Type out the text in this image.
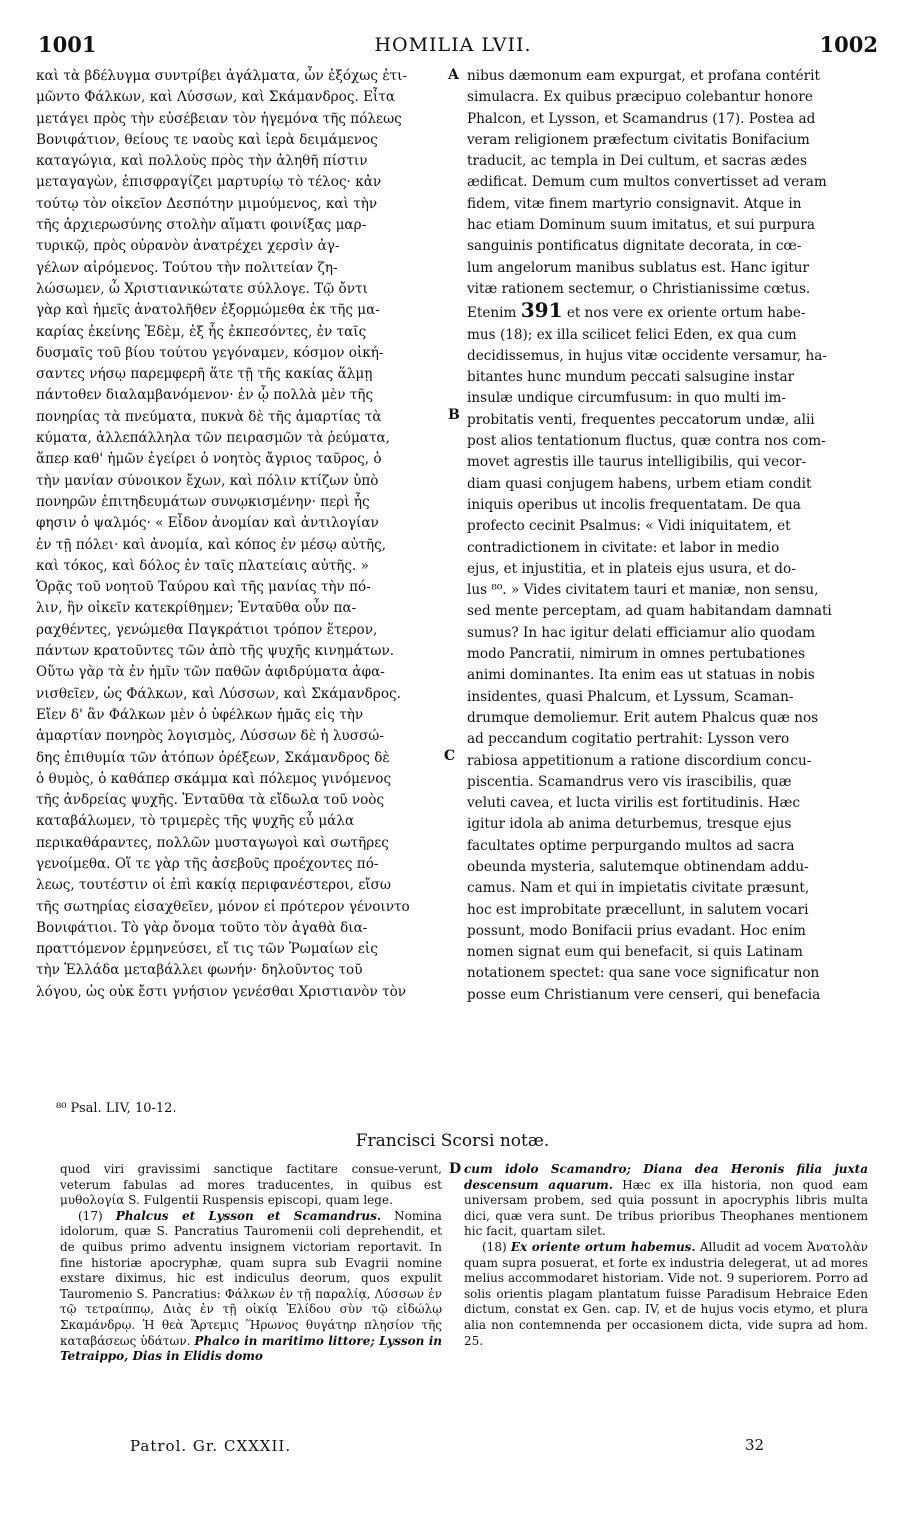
1001	HOMILIA LVII.	1002
A
B
C
D

καὶ τὰ βδέλυγμα συντρίβει ἀγάλματα, ὧν ἐξόχως ἐτι-

μῶντο Φάλκων, καὶ Λύσσων, καὶ Σκάμανδρος. Εἶτα

μετάγει πρὸς τὴν εὐσέβειαν τὸν ἡγεμόνα τῆς πόλεως

Βονιφάτιον, θείους τε ναοὺς καὶ ἱερὰ δειμάμενος

καταγώγια, καὶ πολλοὺς πρὸς τὴν ἀληθῆ πίστιν

μεταγαγὼν, ἐπισφραγίζει μαρτυρίῳ τὸ τέλος· κἀν

τούτῳ τὸν οἰκεῖον Δεσπότην μιμούμενος, καὶ τὴν

τῆς ἀρχιερωσύνης στολὴν αἵματι φοινίξας μαρ-

τυρικῷ, πρὸς οὐρανὸν ἀνατρέχει χερσὶν ἀγ-

γέλων αἰρόμενος. Τούτου τὴν πολιτείαν ζη-

λώσωμεν, ὦ Χριστιανικώτατε σύλλογε. Τῷ ὄντι

γὰρ καὶ ἡμεῖς ἀνατολῆθεν ἐξορμώμεθα ἐκ τῆς μα-

καρίας ἐκείνης Ἐδὲμ, ἐξ ἧς ἐκπεσόντες, ἐν ταῖς

δυσμαῖς τοῦ βίου τούτου γεγόναμεν, κόσμον οἰκή-

σαντες νήσῳ παρεμφερῆ ἅτε τῇ τῆς κακίας ἅλμῃ

πάντοθεν διαλαμβανόμενον· ἐν ᾧ πολλὰ μὲν τῆς

πονηρίας τὰ πνεύματα, πυκνὰ δὲ τῆς ἁμαρτίας τὰ

κύματα, ἀλλεπάλληλα τῶν πειρασμῶν τὰ ῥεύματα,

ἅπερ καθ' ἡμῶν ἐγείρει ὁ νοητὸς ἄγριος ταῦρος, ὁ

τὴν μανίαν σύνοικον ἔχων, καὶ πόλιν κτίζων ὑπὸ

πονηρῶν ἐπιτηδευμάτων συνῳκισμένην· περὶ ἧς

φησιν ὁ ψαλμός· « Εἶδον ἀνομίαν καὶ ἀντιλογίαν

ἐν τῇ πόλει· καὶ ἀνομία, καὶ κόπος ἐν μέσῳ αὐτῆς,

καὶ τόκος, καὶ δόλος ἐν ταῖς πλατείαις αὐτῆς. »

Ὁρᾷς τοῦ νοητοῦ Ταύρου καὶ τῆς μανίας τὴν πό-

λιν, ἣν οἰκεῖν κατεκρίθημεν; Ἐνταῦθα οὖν πα-

ραχθέντες, γενώμεθα Παγκράτιοι τρόπον ἕτερον,

πάντων κρατοῦντες τῶν ἀπὸ τῆς ψυχῆς κινημάτων.

Οὕτω γὰρ τὰ ἐν ἡμῖν τῶν παθῶν ἀφιδρύματα ἀφα-

νισθεῖεν, ὡς Φάλκων, καὶ Λύσσων, καὶ Σκάμανδρος.

Εἴεν δ' ἂν Φάλκων μὲν ὁ ὑφέλκων ἡμᾶς εἰς τὴν

ἁμαρτίαν πονηρὸς λογισμὸς, Λύσσων δὲ ἡ λυσσώ-

δης ἐπιθυμία τῶν ἀτόπων ὀρέξεων, Σκάμανδρος δὲ

ὁ θυμὸς, ὁ καθάπερ σκάμμα καὶ πόλεμος γινόμενος

τῆς ἀνδρείας ψυχῆς. Ἐνταῦθα τὰ εἴδωλα τοῦ νοὸς

καταβάλωμεν, τὸ τριμερὲς τῆς ψυχῆς εὖ μάλα

περικαθάραντες, πολλῶν μυσταγωγοὶ καὶ σωτῆρες

γενοίμεθα. Οἵ τε γὰρ τῆς ἀσεβοῦς προέχοντες πό-

λεως, τουτέστιν οἱ ἐπὶ κακίᾳ περιφανέστεροι, εἴσω

τῆς σωτηρίας εἰσαχθεῖεν, μόνον εἰ πρότερον γένοιντο

Βονιφάτιοι. Τὸ γὰρ ὄνομα τοῦτο τὸν ἀγαθὰ δια-

πραττόμενον ἑρμηνεύσει, εἴ τις τῶν Ῥωμαίων εἰς

τὴν Ἑλλάδα μεταβάλλει φωνήν· δηλοῦντος τοῦ

λόγου, ὡς οὐκ ἔστι γνήσιον γενέσθαι Χριστιανὸν τὸν

nibus dæmonum eam expurgat, et profana contérit

simulacra. Ex quibus præcipuo colebantur honore

Phalcon, et Lysson, et Scamandrus (17). Postea ad

veram religionem præfectum civitatis Bonifacium

traducit, ac templa in Dei cultum, et sacras ædes

ædificat. Demum cum multos convertisset ad veram

fidem, vitæ finem martyrio consignavit. Atque in

hac etiam Dominum suum imitatus, et sui purpura

sanguinis pontificatus dignitate decorata, in cœ-

lum angelorum manibus sublatus est. Hanc igitur

vitæ rationem sectemur, o Christianissime cœtus.

Etenim 391 et nos vere ex oriente ortum habe-

mus (18); ex illa scilicet felici Eden, ex qua cum

decidissemus, in hujus vitæ occidente versamur, ha-

bitantes hunc mundum peccati salsugine instar

insulæ undique circumfusum: in quo multi im-

probitatis venti, frequentes peccatorum undæ, alii

post alios tentationum fluctus, quæ contra nos com-

movet agrestis ille taurus intelligibilis, qui vecor-

diam quasi conjugem habens, urbem etiam condit

iniquis operibus ut incolis frequentatam. De qua

profecto cecinit Psalmus: « Vidi iniquitatem, et

contradictionem in civitate: et labor in medio

ejus, et injustitia, et in plateis ejus usura, et do-

lus ⁸⁰. » Vides civitatem tauri et maniæ, non sensu,

sed mente perceptam, ad quam habitandam damnati

sumus? In hac igitur delati efficiamur alio quodam

modo Pancratii, nimirum in omnes pertubationes

animi dominantes. Ita enim eas ut statuas in nobis

insidentes, quasi Phalcum, et Lyssum, Scaman-

drumque demoliemur. Erit autem Phalcus quæ nos

ad peccandum cogitatio pertrahit: Lysson vero

rabiosa appetitionum a ratione discordium concu-

piscentia. Scamandrus vero vis irascibilis, quæ

veluti cavea, et lucta virilis est fortitudinis. Hæc

igitur idola ab anima deturbemus, tresque ejus

facultates optime perpurgando multos ad sacra

obeunda mysteria, salutemque obtinendam addu-

camus. Nam et qui in impietatis civitate præsunt,

hoc est improbitate præcellunt, in salutem vocari

possunt, modo Bonifacii prius evadant. Hoc enim

nomen signat eum qui benefacit, si quis Latinam

notationem spectet: qua sane voce significatur non

posse eum Christianum vere censeri, qui benefacia

⁸⁰ Psal. LIV, 10-12.
Francisci Scorsi notæ.

quod viri gravissimi sanctique factitare consue-verunt, veterum fabulas ad mores traducentes, in quibus est μυθολογία S. Fulgentii Ruspensis episcopi, quam lege.

(17) Phalcus et Lysson et Scamandrus. Nomina idolorum, quæ S. Pancratius Tauromenii coli deprehendit, et de quibus primo adventu insignem victoriam reportavit. In fine historiæ apocryphæ, quam supra sub Evagrii nomine exstare diximus, hic est indiculus deorum, quos expulit Tauromenio S. Pancratius: Φάλκων ἐν τῇ παραλίᾳ, Λύσσων ἐν τῷ τετραίππῳ, Διὰς ἐν τῇ οἰκίᾳ Ἐλίδου σὺν τῷ εἰδώλῳ Σκαμάνδρῳ. Ἡ θεὰ Ἄρτεμις Ἥρωνος θυγάτηρ πλησίον τῆς καταβάσεως ὑδάτων. Phalco in maritimo littore; Lysson in Tetraippo, Dias in Elidis domo

cum idolo Scamandro; Diana dea Heronis filia juxta descensum aquarum. Hæc ex illa historia, non quod eam universam probem, sed quia possunt in apocryphis libris multa dici, quæ vera sunt. De tribus prioribus Theophanes mentionem hic facit, quartam silet.

(18) Ex oriente ortum habemus. Alludit ad vocem Ἀνατολὰν quam supra posuerat, et forte ex industria delegerat, ut ad mores melius accommodaret historiam. Vide not. 9 superiorem. Porro ad solis orientis plagam plantatum fuisse Paradisum Hebraice Eden dictum, constat ex Gen. cap. IV, et de hujus vocis etymo, et plura alia non contemnenda per occasionem dicta, vide supra ad hom. 25.

Patrol. Gr. CXXXII.	32
